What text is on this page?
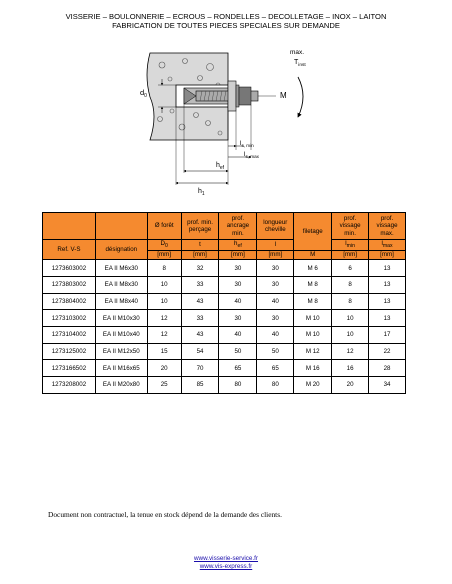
VISSERIE – BOULONNERIE – ECROUS – RONDELLES – DECOLLETAGE – INOX – LAITON
FABRICATION DE TOUTES PIECES SPECIALES SUR DEMANDE
$d_0$	M
max.
$T_{inst}$
$l_{s, min}$
$l_{s, max}$
$h_{ef}$
$h_1$
		Ø forêt	prof. min. perçage	prof. ancrage min.	longueur cheville	filetage	prof. vissage min.	prof. vissage max.
Ref. V-S	désignation	$D_0$	t	$h_{ef}$	l		$l_{min}$	$l_{max}$
		[mm]	[mm]	[mm]	[mm]	M	[mm]	[mm]
1273603002	EA II M6x30	8	32	30	30	M 6	6	13
1273803002	EA II M8x30	10	33	30	30	M 8	8	13
1273804002	EA II M8x40	10	43	40	40	M 8	8	13
1273103002	EA II M10x30	12	33	30	30	M 10	10	13
1273104002	EA II M10x40	12	43	40	40	M 10	10	17
1273125002	EA II M12x50	15	54	50	50	M 12	12	22
1273166502	EA II M16x65	20	70	65	65	M 16	16	28
1273208002	EA II M20x80	25	85	80	80	M 20	20	34
Document non contractuel, la tenue en stock dépend de la demande des clients.
www.visserie-service.fr
www.vis-express.fr
